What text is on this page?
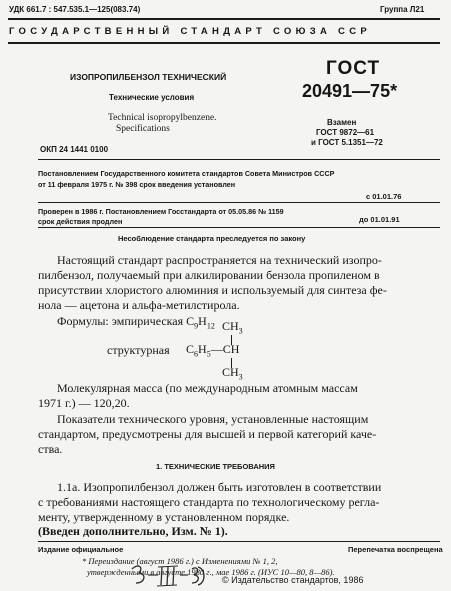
УДК 661.7 : 547.535.1—125(083.74)	Группа Л21
ГОСУДАРСТВЕННЫЙ СТАНДАРТ СОЮЗА ССР
ИЗОПРОПИЛБЕНЗОЛ ТЕХНИЧЕСКИЙ
Технические условия
Technical isopropylbenzene.
Specifications
ГОСТ
20491—75*
Взамен
ГОСТ 9872—61
и ГОСТ 5.1351—72
ОКП 24 1441 0100
Постановлением Государственного комитета стандартов Совета Министров СССР
от 11 февраля 1975 г. № 398 срок введения установлен
с 01.01.76
Проверен в 1986 г. Постановлением Госстандарта от 05.05.86 № 1159
срок действия продлен	до 01.01.91
Несоблюдение стандарта преследуется по закону
Настоящий стандарт распространяется на технический изопро-
пилбензол, получаемый при алкилировании бензола пропиленом в
присутствии хлористого алюминия и используемый для синтеза фе-
нола — ацетона и альфа-метилстирола.
Формулы: эмпирическая $C_9H_{12}$ $CH_3$
структурная $C_6H_5—CH$
$CH_3$
Молекулярная масса (по международным атомным массам
1971 г.) — 120,20.
Показатели технического уровня, установленные настоящим
стандартом, предусмотрены для высшей и первой категорий каче-
ства.
1. ТЕХНИЧЕСКИЕ ТРЕБОВАНИЯ
1.1а. Изопропилбензол должен быть изготовлен в соответствии
с требованиями настоящего стандарта по технологическому регла-
менту, утвержденному в установленном порядке.
(Введен дополнительно, Изм. № 1).
Издание официальное	Перепечатка воспрещена
* Переиздание (август 1986 г.) с Изменениями № 1, 2,
утвержденными в августе 1980 г., мае 1986 г. (ИУС 10—80, 8—86).
© Издательство стандартов, 1986
